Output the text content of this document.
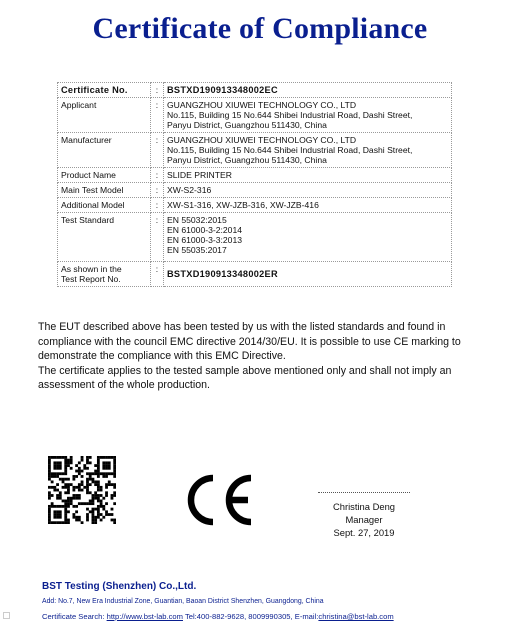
Certificate of Compliance
Certificate No.	:	BSTXD190913348002EC
Applicant	:	GUANGZHOU XIUWEI TECHNOLOGY CO., LTD
No.115, Building 15 No.644 Shibei Industrial Road, Dashi Street,
Panyu District, Guangzhou 511430, China

Manufacturer	:	GUANGZHOU XIUWEI TECHNOLOGY CO., LTD
No.115, Building 15 No.644 Shibei Industrial Road, Dashi Street,
Panyu District, Guangzhou 511430, China

Product Name	:	SLIDE PRINTER
Main Test Model	:	XW-S2-316
Additional Model	:	XW-S1-316, XW-JZB-316, XW-JZB-416
Test Standard	:	EN 55032:2015
EN 61000-3-2:2014
EN 61000-3-3:2013
EN 55035:2017

As shown in the
Test Report No.	:	BSTXD190913348002ER

The EUT described above has been tested by us with the listed standards and found in compliance with the council EMC directive 2014/30/EU. It is possible to use CE marking to demonstrate the compliance with this EMC Directive.

The certificate applies to the tested sample above mentioned only and shall not imply an assessment of the whole production.

Christina Deng
Manager
Sept. 27, 2019
BST Testing (Shenzhen) Co.,Ltd.
Add: No.7, New Era Industrial Zone, Guantian, Baoan District Shenzhen, Guangdong, China
Certificate Search: http://www.bst-lab.com Tel:400-882-9628, 8009990305, E-mail:christina@bst-lab.com
